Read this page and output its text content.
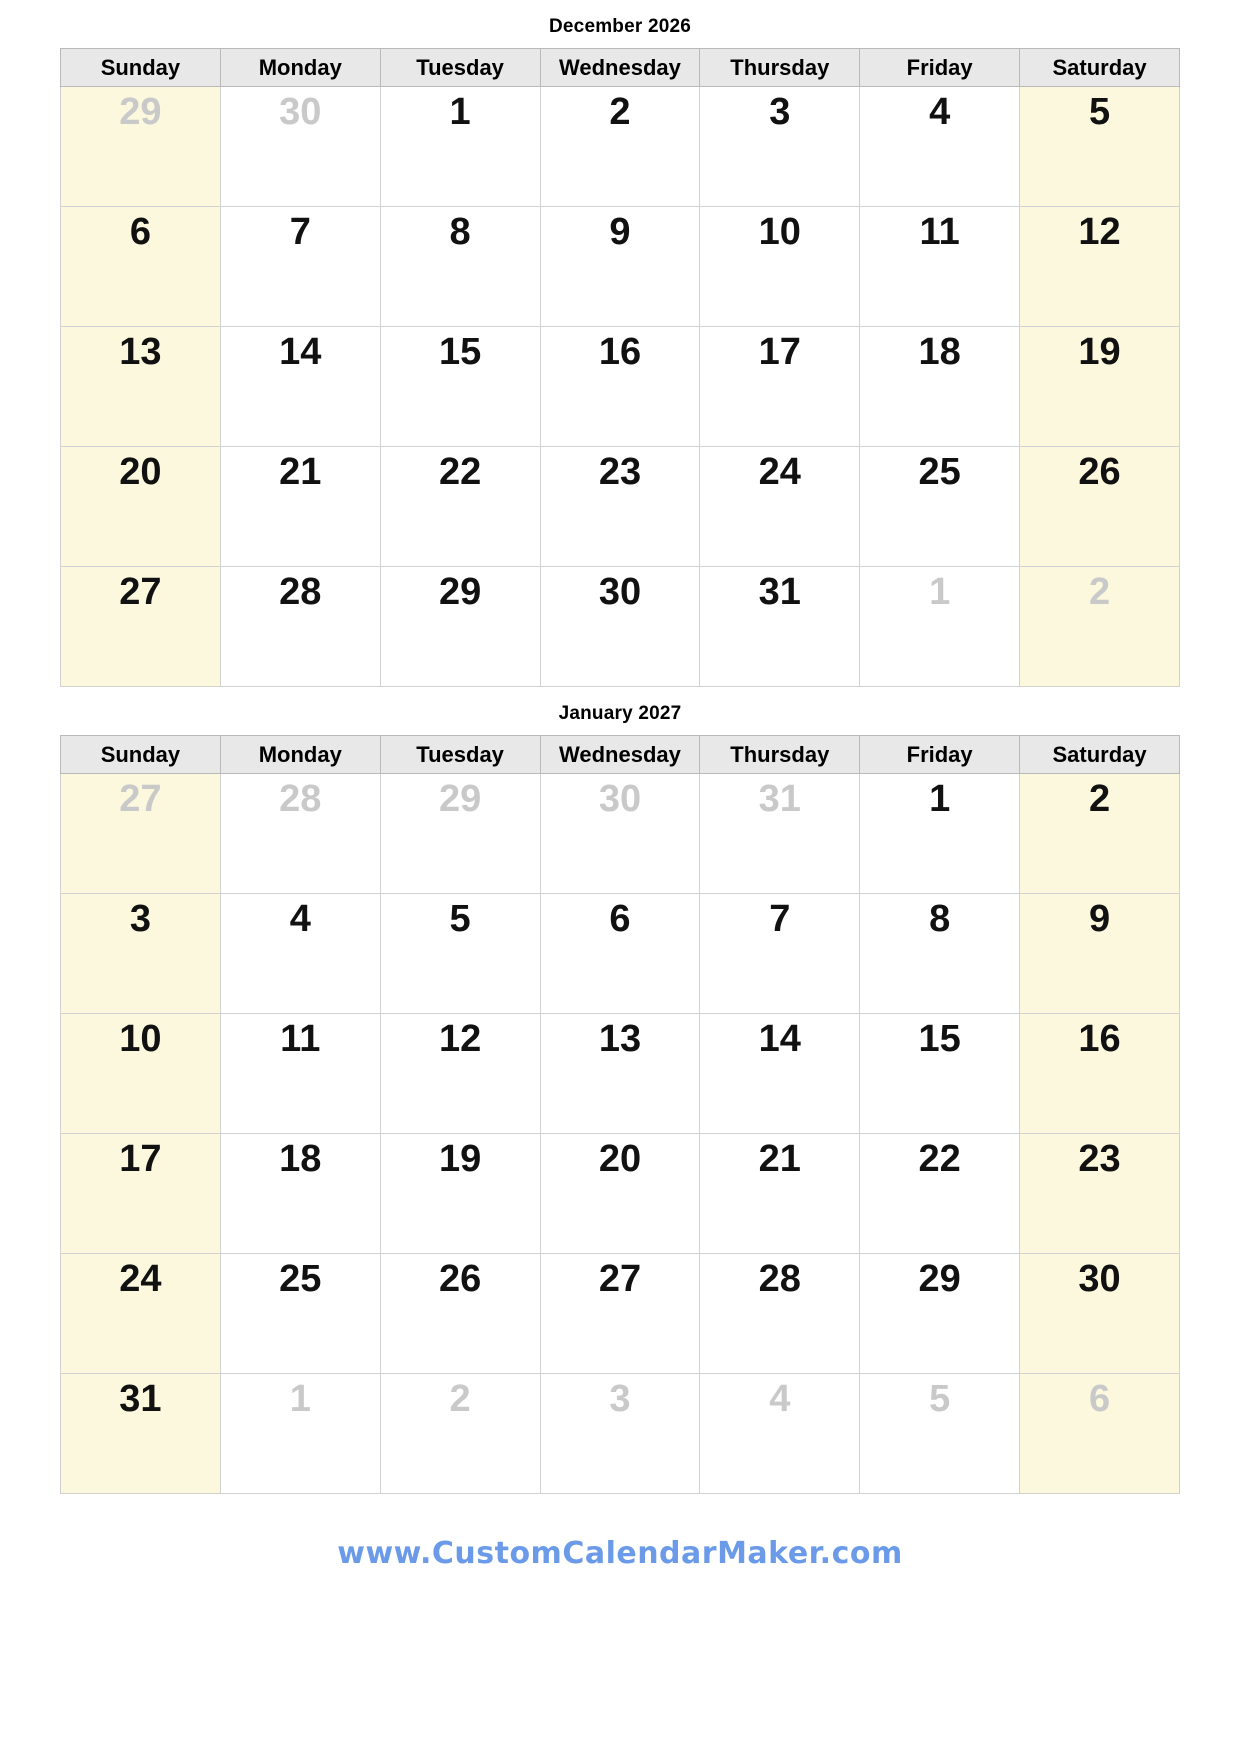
December 2026
Sunday	Monday	Tuesday	Wednesday	Thursday	Friday	Saturday

29	30	1	2	3	4	5

6	7	8	9	10	11	12

13	14	15	16	17	18	19

20	21	22	23	24	25	26

27	28	29	30	31	1	2
January 2027
Sunday	Monday	Tuesday	Wednesday	Thursday	Friday	Saturday

27	28	29	30	31	1	2

3	4	5	6	7	8	9

10	11	12	13	14	15	16

17	18	19	20	21	22	23

24	25	26	27	28	29	30

31	1	2	3	4	5	6
www.CustomCalendarMaker.com
